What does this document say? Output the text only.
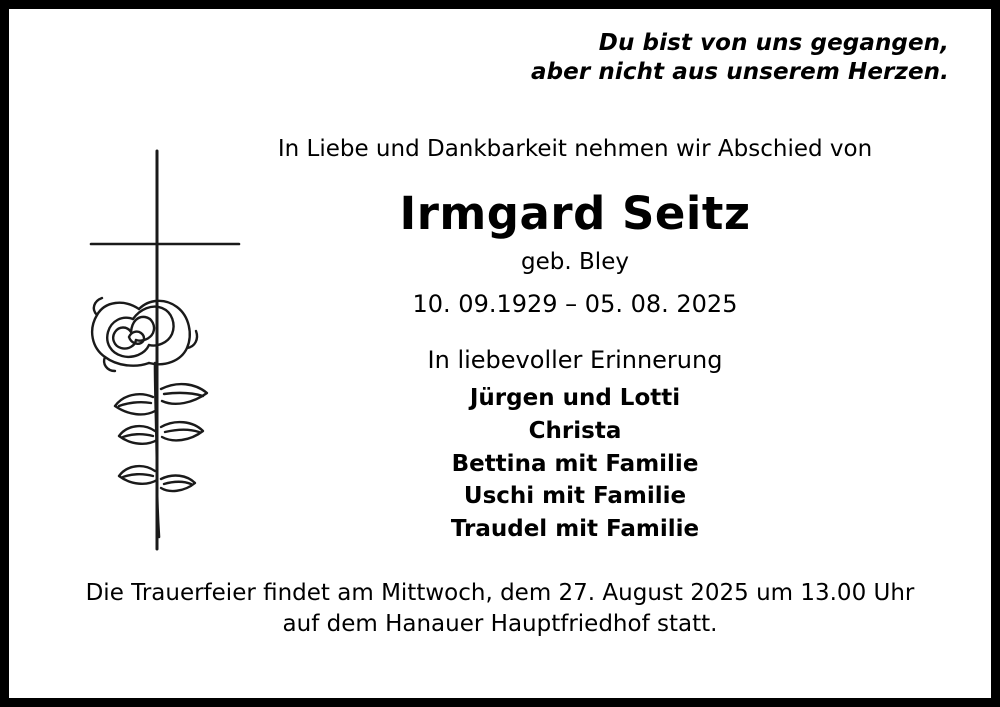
Du bist von uns gegangen,
aber nicht aus unserem Herzen.
In Liebe und Dankbarkeit nehmen wir Abschied von
Irmgard Seitz
geb. Bley
10. 09.1929 – 05. 08. 2025
In liebevoller Erinnerung
Jürgen und Lotti
Christa
Bettina mit Familie
Uschi mit Familie
Traudel mit Familie
Die Trauerfeier findet am Mittwoch, dem 27. August 2025 um 13.00 Uhr
auf dem Hanauer Hauptfriedhof statt.
